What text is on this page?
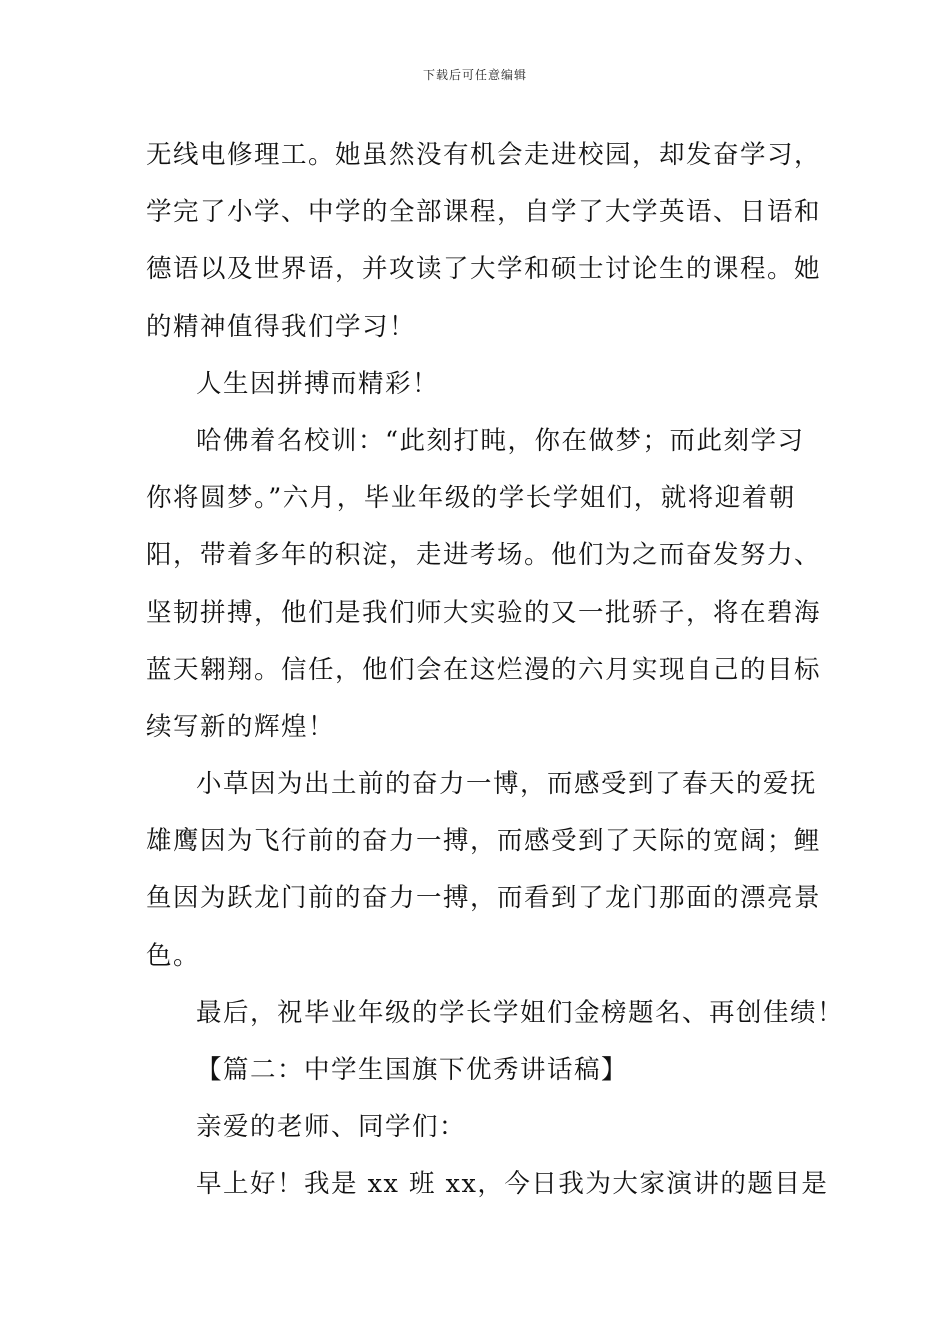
下载后可任意编辑
无线电修理工。她虽然没有机会走进校园，却发奋学习，
学完了小学、中学的全部课程，自学了大学英语、日语和
德语以及世界语，并攻读了大学和硕士讨论生的课程。她
的精神值得我们学习！
人生因拼搏而精彩！
哈佛着名校训：“此刻打盹，你在做梦；而此刻学习
你将圆梦。”六月，毕业年级的学长学姐们，就将迎着朝
阳，带着多年的积淀，走进考场。他们为之而奋发努力、
坚韧拼搏，他们是我们师大实验的又一批骄子，将在碧海
蓝天翱翔。信任，他们会在这烂漫的六月实现自己的目标
续写新的辉煌！
小草因为出土前的奋力一博，而感受到了春天的爱抚
雄鹰因为飞行前的奋力一搏，而感受到了天际的宽阔；鲤
鱼因为跃龙门前的奋力一搏，而看到了龙门那面的漂亮景
色。
最后，祝毕业年级的学长学姐们金榜题名、再创佳绩！
【篇二：中学生国旗下优秀讲话稿】
亲爱的老师、同学们：
早上好！我是 xx 班 xx，今日我为大家演讲的题目是
